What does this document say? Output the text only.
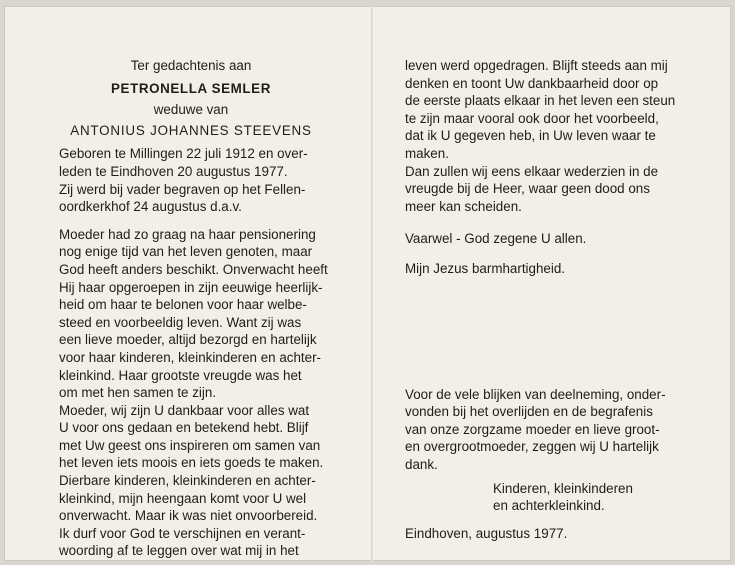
Ter gedachtenis aan

PETRONELLA SEMLER

weduwe van

ANTONIUS JOHANNES STEEVENS

Geboren te Millingen 22 juli 1912 en over-

leden te Eindhoven 20 augustus 1977.

Zij werd bij vader begraven op het Fellen-

oordkerkhof 24 augustus d.a.v.

Moeder had zo graag na haar pensionering

nog enige tijd van het leven genoten, maar

God heeft anders beschikt. Onverwacht heeft

Hij haar opgeroepen in zijn eeuwige heerlijk-

heid om haar te belonen voor haar welbe-

steed en voorbeeldig leven. Want zij was

een lieve moeder, altijd bezorgd en hartelijk

voor haar kinderen, kleinkinderen en achter-

kleinkind. Haar grootste vreugde was het

om met hen samen te zijn.

Moeder, wij zijn U dankbaar voor alles wat

U voor ons gedaan en betekend hebt. Blijf

met Uw geest ons inspireren om samen van

het leven iets moois en iets goeds te maken.

Dierbare kinderen, kleinkinderen en achter-

kleinkind, mijn heengaan komt voor U wel

onverwacht. Maar ik was niet onvoorbereid.

Ik durf voor God te verschijnen en verant-

woording af te leggen over wat mij in het

leven werd opgedragen. Blijft steeds aan mij

denken en toont Uw dankbaarheid door op

de eerste plaats elkaar in het leven een steun

te zijn maar vooral ook door het voorbeeld,

dat ik U gegeven heb, in Uw leven waar te

maken.

Dan zullen wij eens elkaar wederzien in de

vreugde bij de Heer, waar geen dood ons

meer kan scheiden.

Vaarwel - God zegene U allen.

Mijn Jezus barmhartigheid.

Voor de vele blijken van deelneming, onder-

vonden bij het overlijden en de begrafenis

van onze zorgzame moeder en lieve groot-

en overgrootmoeder, zeggen wij U hartelijk

dank.

Kinderen, kleinkinderen

en achterkleinkind.

Eindhoven, augustus 1977.
